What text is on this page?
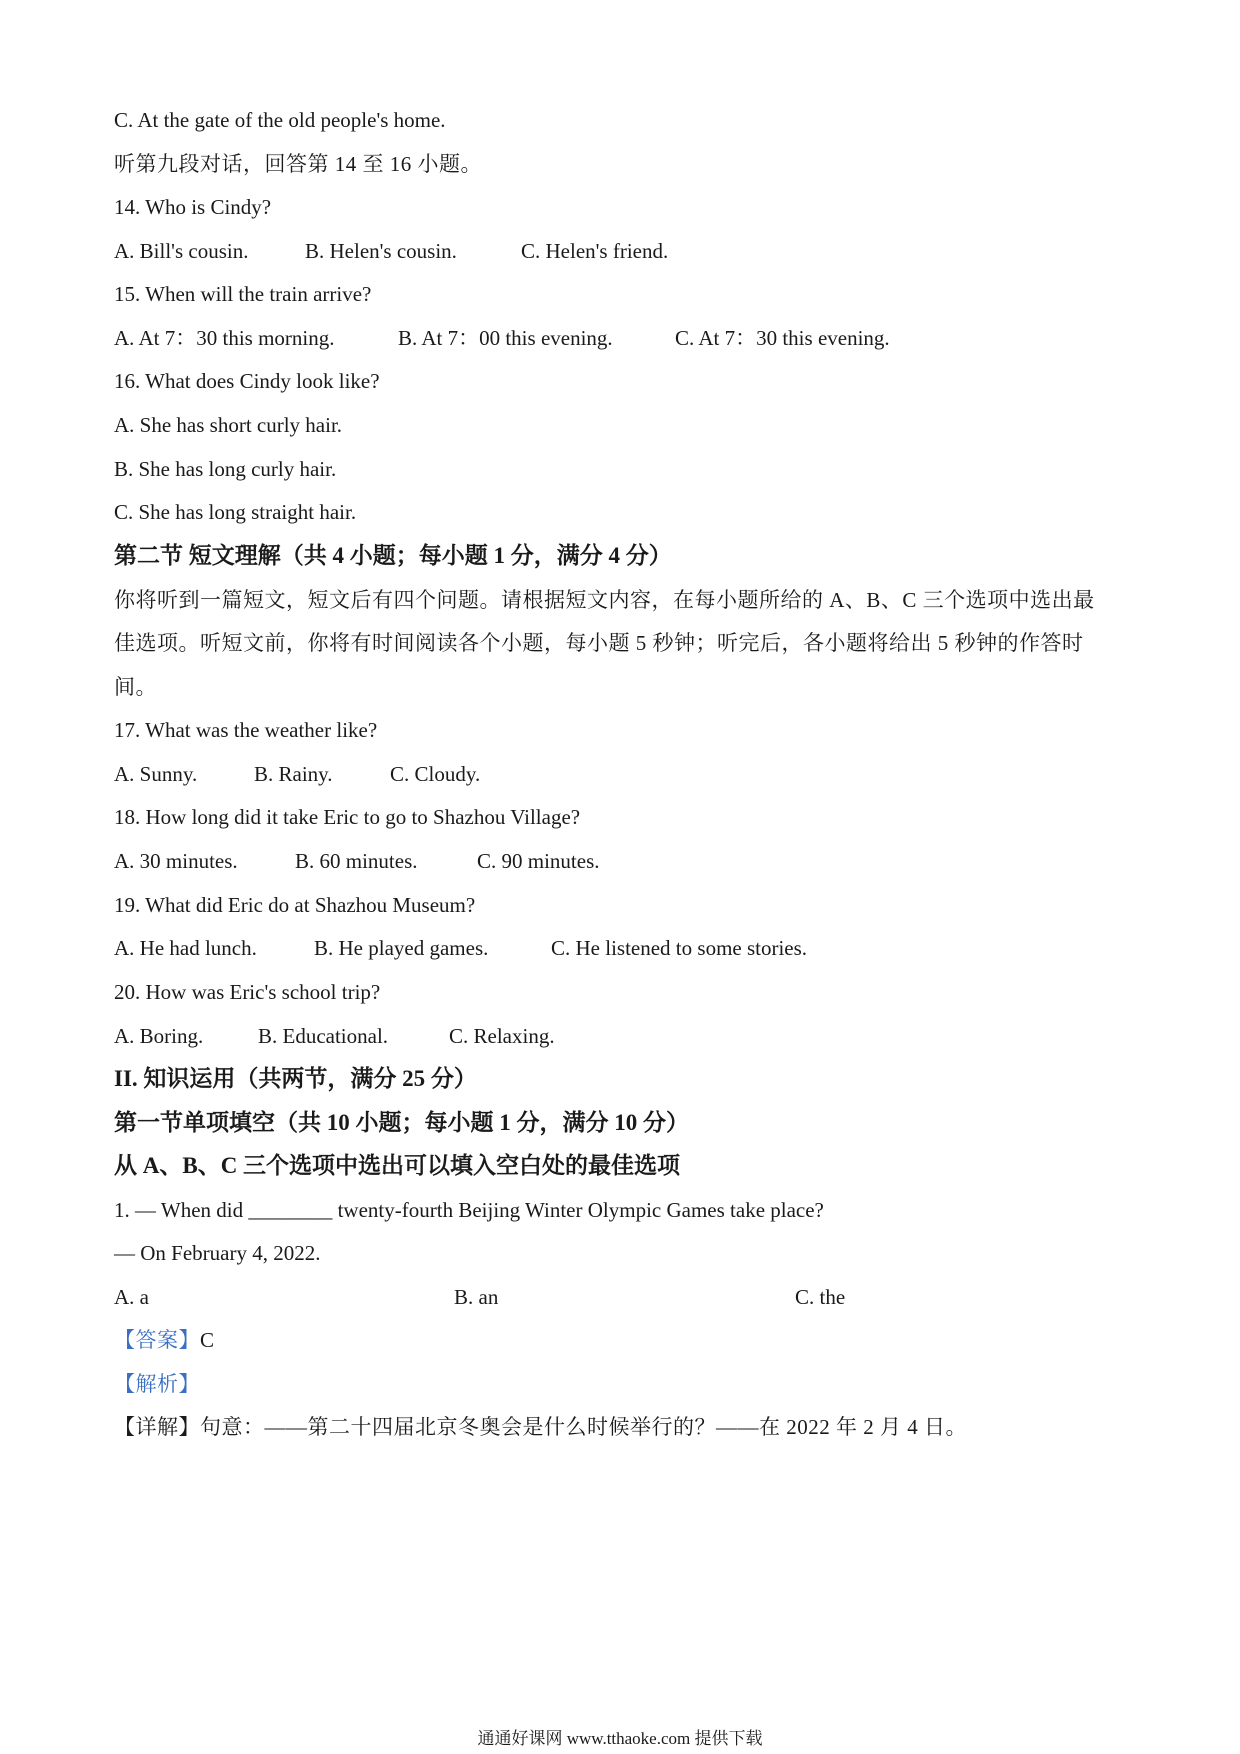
C. At the gate of the old people's home.
听第九段对话，回答第 14 至 16 小题。
14. Who is Cindy?
A. Bill's cousin.	B. Helen's cousin.	C. Helen's friend.
15. When will the train arrive?
A. At 7：30 this morning.	B. At 7：00 this evening.	C. At 7：30 this evening.
16. What does Cindy look like?
A. She has short curly hair.
B. She has long curly hair.
C. She has long straight hair.
第二节 短文理解（共 4 小题；每小题 1 分，满分 4 分）
你将听到一篇短文，短文后有四个问题。请根据短文内容，在每小题所给的 A、B、C 三个选项中选出最
佳选项。听短文前，你将有时间阅读各个小题，每小题 5 秒钟；听完后，各小题将给出 5 秒钟的作答时
间。
17. What was the weather like?
A. Sunny.	B. Rainy.	C. Cloudy.
18. How long did it take Eric to go to Shazhou Village?
A. 30 minutes.	B. 60 minutes.	C. 90 minutes.
19. What did Eric do at Shazhou Museum?
A. He had lunch.	B. He played games.	C. He listened to some stories.
20. How was Eric's school trip?
A. Boring.	B. Educational.	C. Relaxing.
II. 知识运用（共两节，满分 25 分）
第一节单项填空（共 10 小题；每小题 1 分，满分 10 分）
从 A、B、C 三个选项中选出可以填入空白处的最佳选项
1. — When did ________ twenty-fourth Beijing Winter Olympic Games take place?
— On February 4, 2022.
A. a	B. an	C. the
【答案】C
【解析】
【详解】句意：——第二十四届北京冬奥会是什么时候举行的？——在 2022 年 2 月 4 日。
通通好课网 www.tthaoke.com 提供下载
